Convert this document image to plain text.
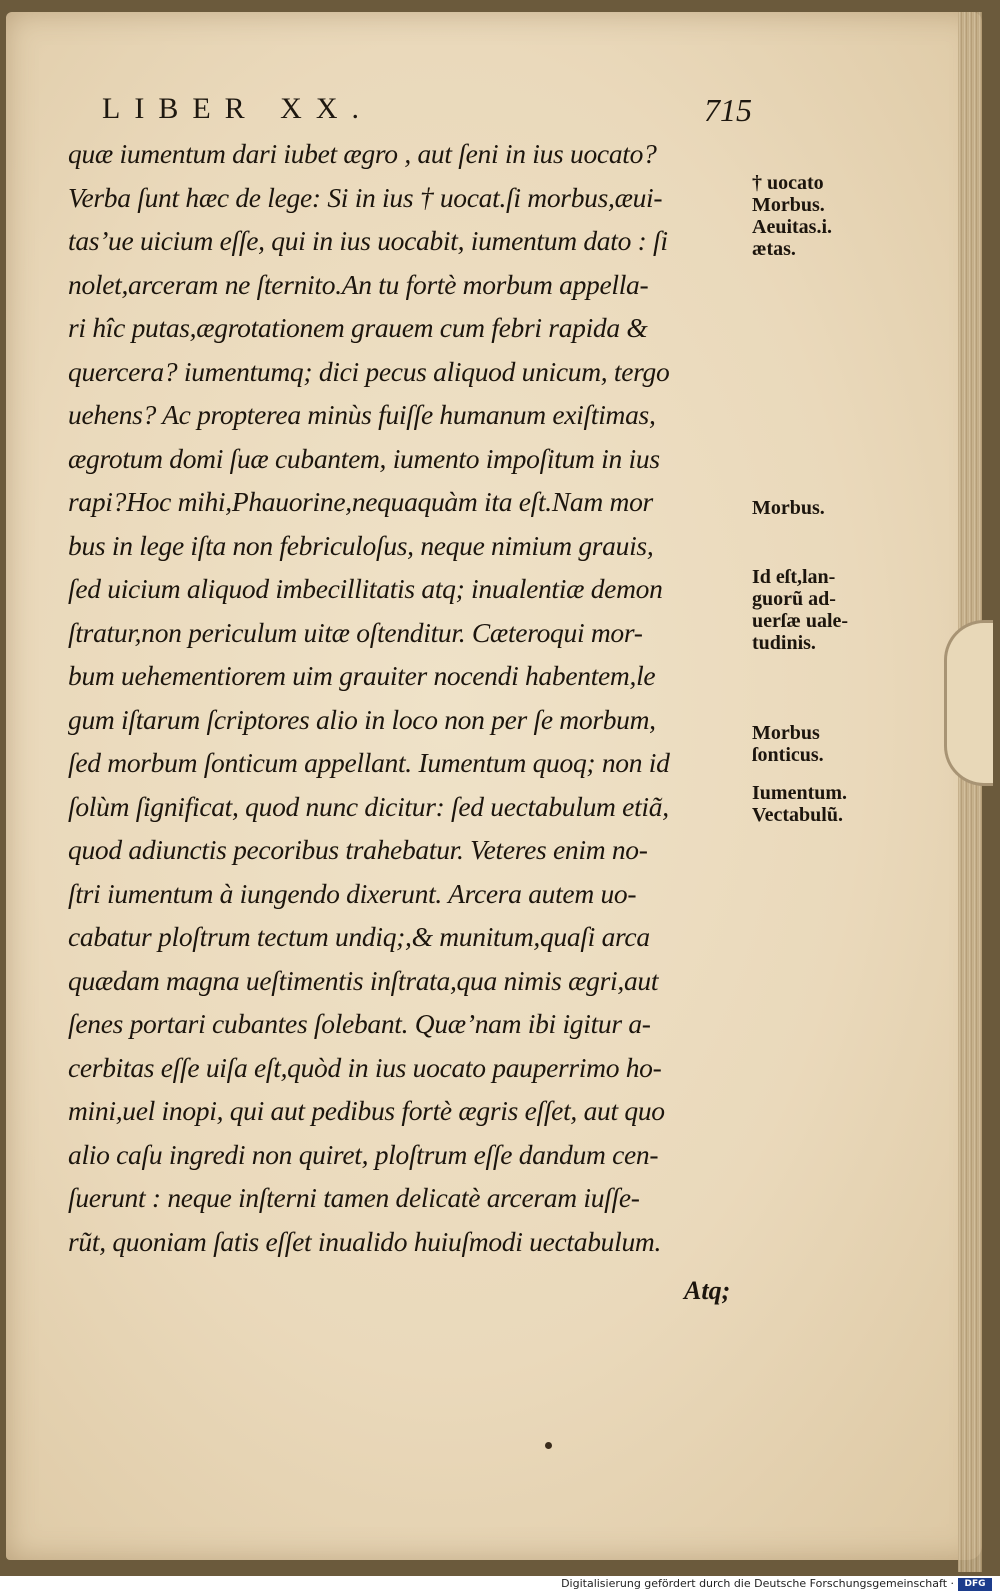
LIBER XX.	715
quæ iumentum dari iubet ægro , aut ſeni in ius uocato?
Verba ſunt hæc de lege: Si in ius † uocat.ſi morbus,æui-
tas’ue uicium eſſe, qui in ius uocabit, iumentum dato : ſi
nolet,arceram ne ſternito.An tu fortè morbum appella-
ri hîc putas,ægrotationem grauem cum febri rapida &
quercera? iumentumq; dici pecus aliquod unicum, tergo
uehens? Ac propterea minùs fuiſſe humanum exiſtimas,
ægrotum domi ſuæ cubantem, iumento impoſitum in ius
rapi?Hoc mihi,Phauorine,nequaquàm ita eſt.Nam mor
bus in lege iſta non febriculoſus, neque nimium grauis,
ſed uicium aliquod imbecillitatis atq; inualentiæ demon
ſtratur,non periculum uitæ oſtenditur. Cæteroqui mor-
bum uehementiorem uim grauiter nocendi habentem,le
gum iſtarum ſcriptores alio in loco non per ſe morbum,
ſed morbum ſonticum appellant. Iumentum quoq; non id
ſolùm ſignificat, quod nunc dicitur: ſed uectabulum etiã,
quod adiunctis pecoribus trahebatur. Veteres enim no-
ſtri iumentum à iungendo dixerunt. Arcera autem uo-
cabatur ploſtrum tectum undiq;,& munitum,quaſi arca
quædam magna ueſtimentis inſtrata,qua nimis ægri,aut
ſenes portari cubantes ſolebant. Quæ’nam ibi igitur a-
cerbitas eſſe uiſa eſt,quòd in ius uocato pauperrimo ho-
mini,uel inopi, qui aut pedibus fortè ægris eſſet, aut quo
alio caſu ingredi non quiret, ploſtrum eſſe dandum cen-
ſuerunt : neque inſterni tamen delicatè arceram iuſſe-
rũt, quoniam ſatis eſſet inualido huiuſmodi uectabulum.
† uocato
Morbus.
Aeuitas.i.
ætas.
Morbus.
Id eſt,lan-
guorũ ad-
uerſæ uale-
tudinis.
Morbus
ſonticus.
Iumentum.
Vectabulũ.
Atq;
Digitalisierung gefördert durch die Deutsche Forschungsgemeinschaft ·	DFG
